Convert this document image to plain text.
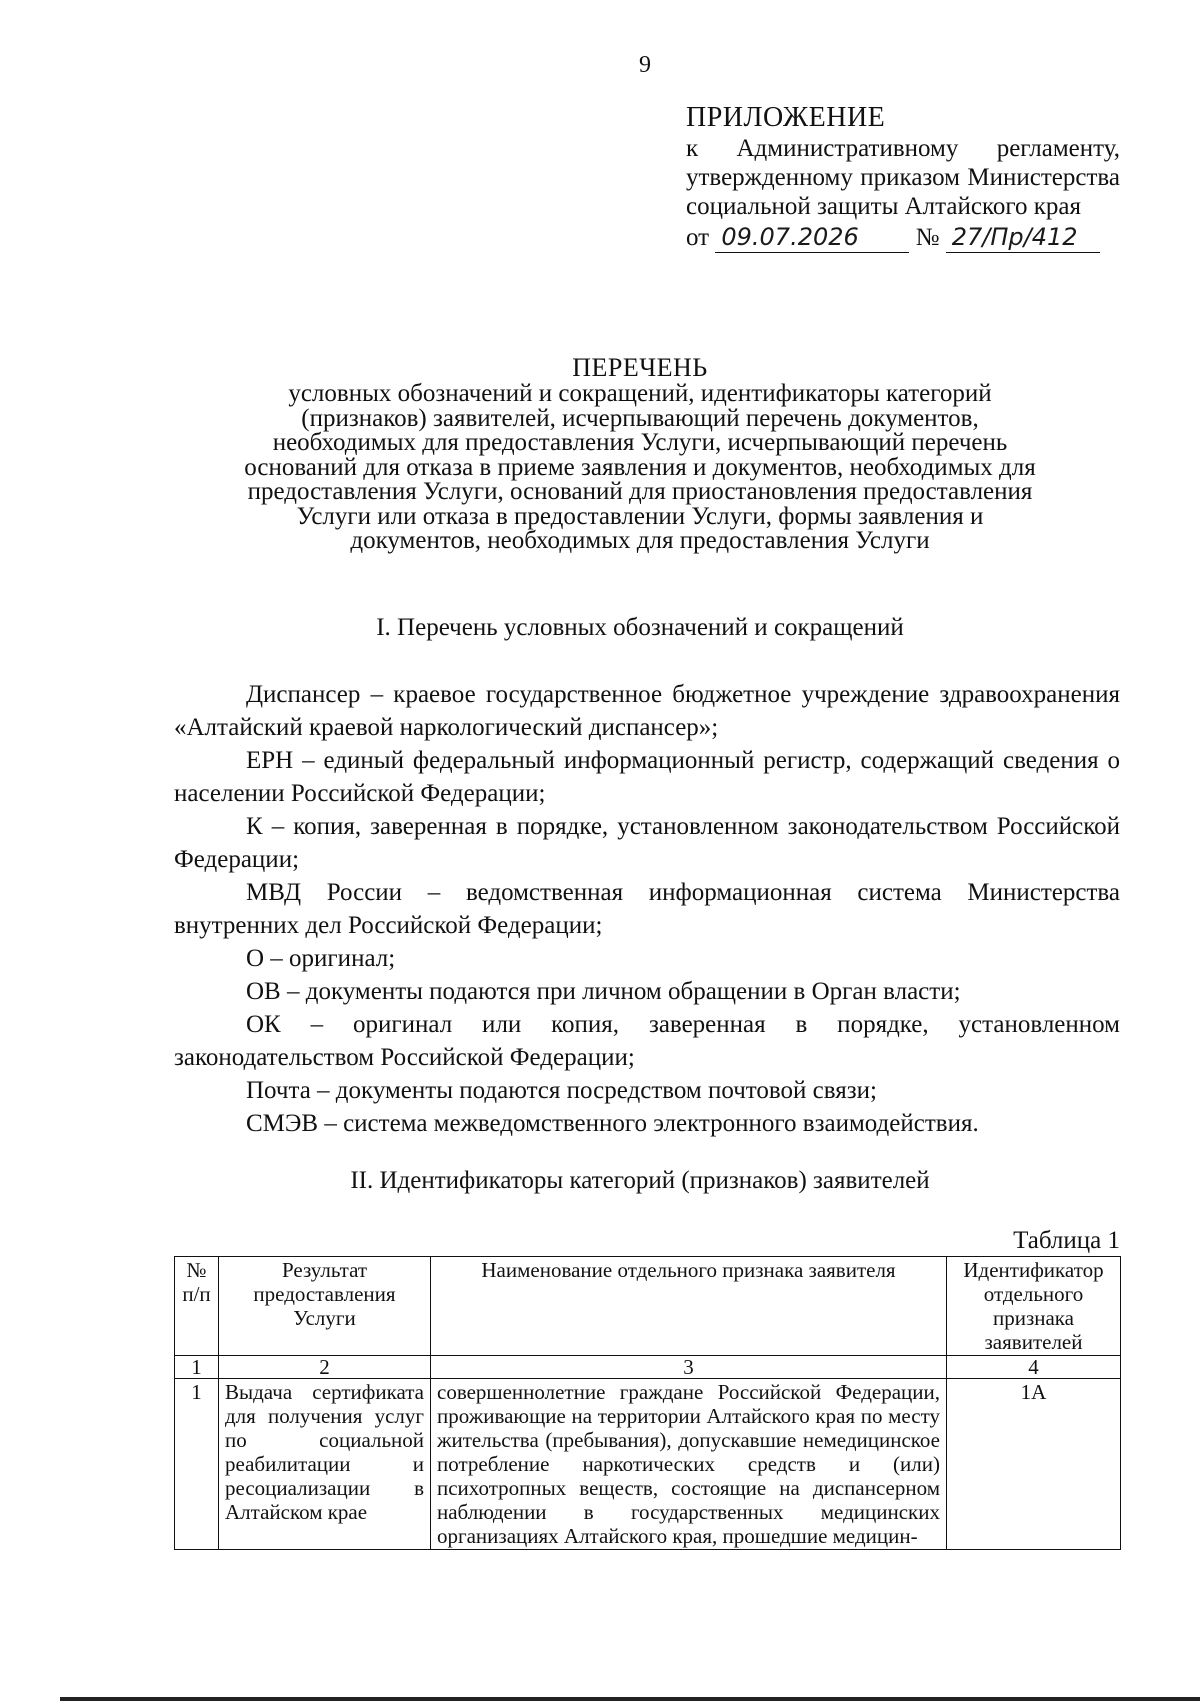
9
ПРИЛОЖЕНИЕ
к Административному регламенту, утвержденному приказом Министерства социальной защиты Алтайского края
от 09.07.2026 № 27/Пр/412
ПЕРЕЧЕНЬ
условных обозначений и сокращений, идентификаторы категорий (признаков) заявителей, исчерпывающий перечень документов, необходимых для предоставления Услуги, исчерпывающий перечень оснований для отказа в приеме заявления и документов, необходимых для предоставления Услуги, оснований для приостановления предоставления Услуги или отказа в предоставлении Услуги, формы заявления и документов, необходимых для предоставления Услуги
I. Перечень условных обозначений и сокращений

Диспансер – краевое государственное бюджетное учреждение здравоохранения «Алтайский краевой наркологический диспансер»;

ЕРН – единый федеральный информационный регистр, содержащий сведения о населении Российской Федерации;

К – копия, заверенная в порядке, установленном законодательством Российской Федерации;

МВД России – ведомственная информационная система Министерства внутренних дел Российской Федерации;

О – оригинал;

ОВ – документы подаются при личном обращении в Орган власти;

ОК – оригинал или копия, заверенная в порядке, установленном законодательством Российской Федерации;

Почта – документы подаются посредством почтовой связи;

СМЭВ – система межведомственного электронного взаимодействия.

II. Идентификаторы категорий (признаков) заявителей
Таблица 1
№ п/п	Результат предоставления Услуги	Наименование отдельного признака заявителя	Идентификатор отдельного признака заявителей
1	2	3	4
1	Выдача сертификата для получения услуг по социальной реабилитации и ресоциализации в Алтайском крае	совершеннолетние граждане Российской Федерации, проживающие на территории Алтайского края по месту жительства (пребывания), допускавшие немедицинское потребление наркотических средств и (или) психотропных веществ, состоящие на диспансерном наблюдении в государственных медицинских организациях Алтайского края, прошедшие медицин-	1А
